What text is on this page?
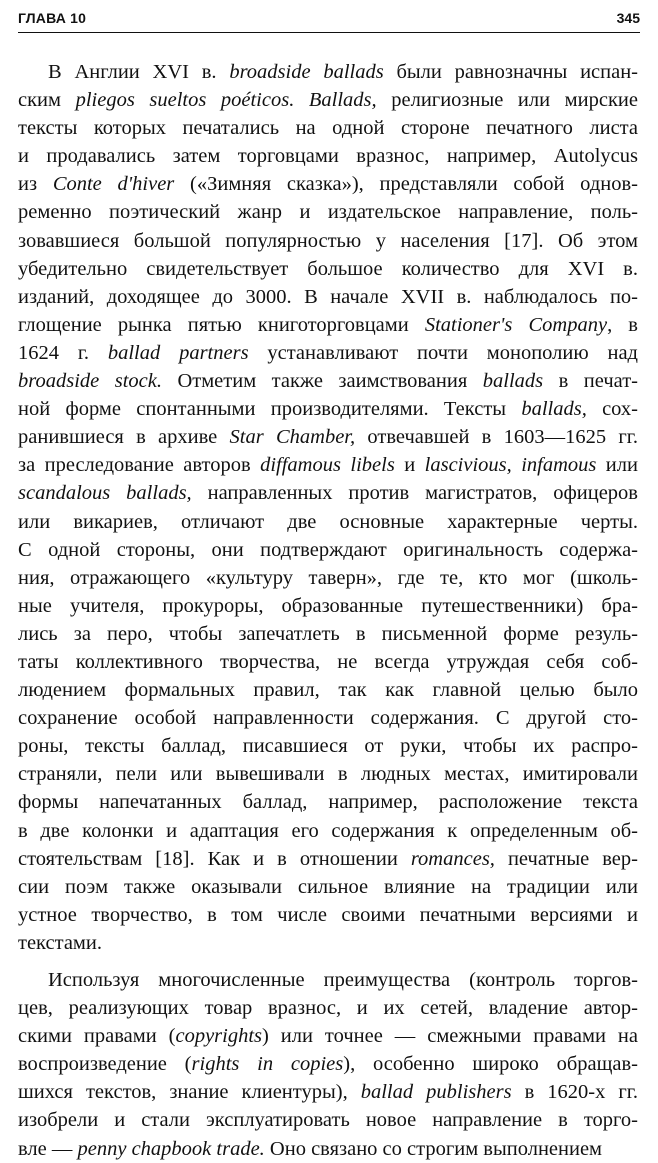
ГЛАВА 10	345
В Англии XVI в. broadside ballads были равнозначны испан-
ским pliegos sueltos poéticos. Ballads, религиозные или мирские
тексты которых печатались на одной стороне печатного листа
и продавались затем торговцами вразнос, например, Autolycus
из Conte d'hiver («Зимняя сказка»), представляли собой однов-
ременно поэтический жанр и издательское направление, поль-
зовавшиеся большой популярностью у населения [17]. Об этом
убедительно свидетельствует большое количество для XVI в.
изданий, доходящее до 3000. В начале XVII в. наблюдалось по-
глощение рынка пятью книготорговцами Stationer's Company, в
1624 г. ballad partners устанавливают почти монополию над
broadside stock. Отметим также заимствования ballads в печат-
ной форме спонтанными производителями. Тексты ballads, сох-
ранившиеся в архиве Star Chamber, отвечавшей в 1603—1625 гг.
за преследование авторов diffamous libels и lascivious, infamous или
scandalous ballads, направленных против магистратов, офицеров
или викариев, отличают две основные характерные черты.
С одной стороны, они подтверждают оригинальность содержа-
ния, отражающего «культуру таверн», где те, кто мог (школь-
ные учителя, прокуроры, образованные путешественники) бра-
лись за перо, чтобы запечатлеть в письменной форме резуль-
таты коллективного творчества, не всегда утруждая себя соб-
людением формальных правил, так как главной целью было
сохранение особой направленности содержания. С другой сто-
роны, тексты баллад, писавшиеся от руки, чтобы их распро-
страняли, пели или вывешивали в людных местах, имитировали
формы напечатанных баллад, например, расположение текста
в две колонки и адаптация его содержания к определенным об-
стоятельствам [18]. Как и в отношении romances, печатные вер-
сии поэм также оказывали сильное влияние на традиции или
устное творчество, в том числе своими печатными версиями и
текстами.
Используя многочисленные преимущества (контроль торгов-
цев, реализующих товар вразнос, и их сетей, владение автор-
скими правами (copyrights) или точнее — смежными правами на
воспроизведение (rights in copies), особенно широко обращав-
шихся текстов, знание клиентуры), ballad publishers в 1620-х гг.
изобрели и стали эксплуатировать новое направление в торго-
вле — penny chapbook trade. Оно связано со строгим выполнением
